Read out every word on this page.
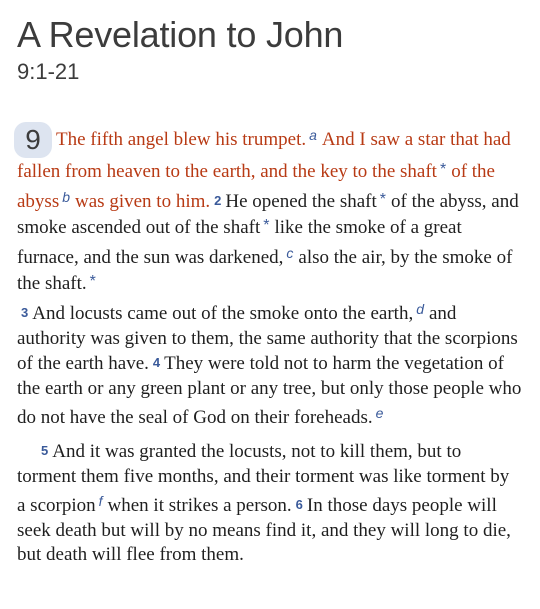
A Revelation to John
9:1-21

9 The fifth angel blew his trumpet. $^a$ And I saw a star that had fallen from heaven to the earth, and the key to the shaft * of the abyss $^b$ was given to him. 2 He opened the shaft * of the abyss, and smoke ascended out of the shaft * like the smoke of a great furnace, and the sun was darkened, $^c$ also the air, by the smoke of the shaft. *
3 And locusts came out of the smoke onto the earth, $^d$ and authority was given to them, the same authority that the scorpions of the earth have. 4 They were told not to harm the vegetation of the earth or any green plant or any tree, but only those people who do not have the seal of God on their foreheads. $^e$

5 And it was granted the locusts, not to kill them, but to torment them five months, and their torment was like torment by a scorpion $^f$ when it strikes a person. 6 In those days people will seek death but will by no means find it, and they will long to die, but death will flee from them.
